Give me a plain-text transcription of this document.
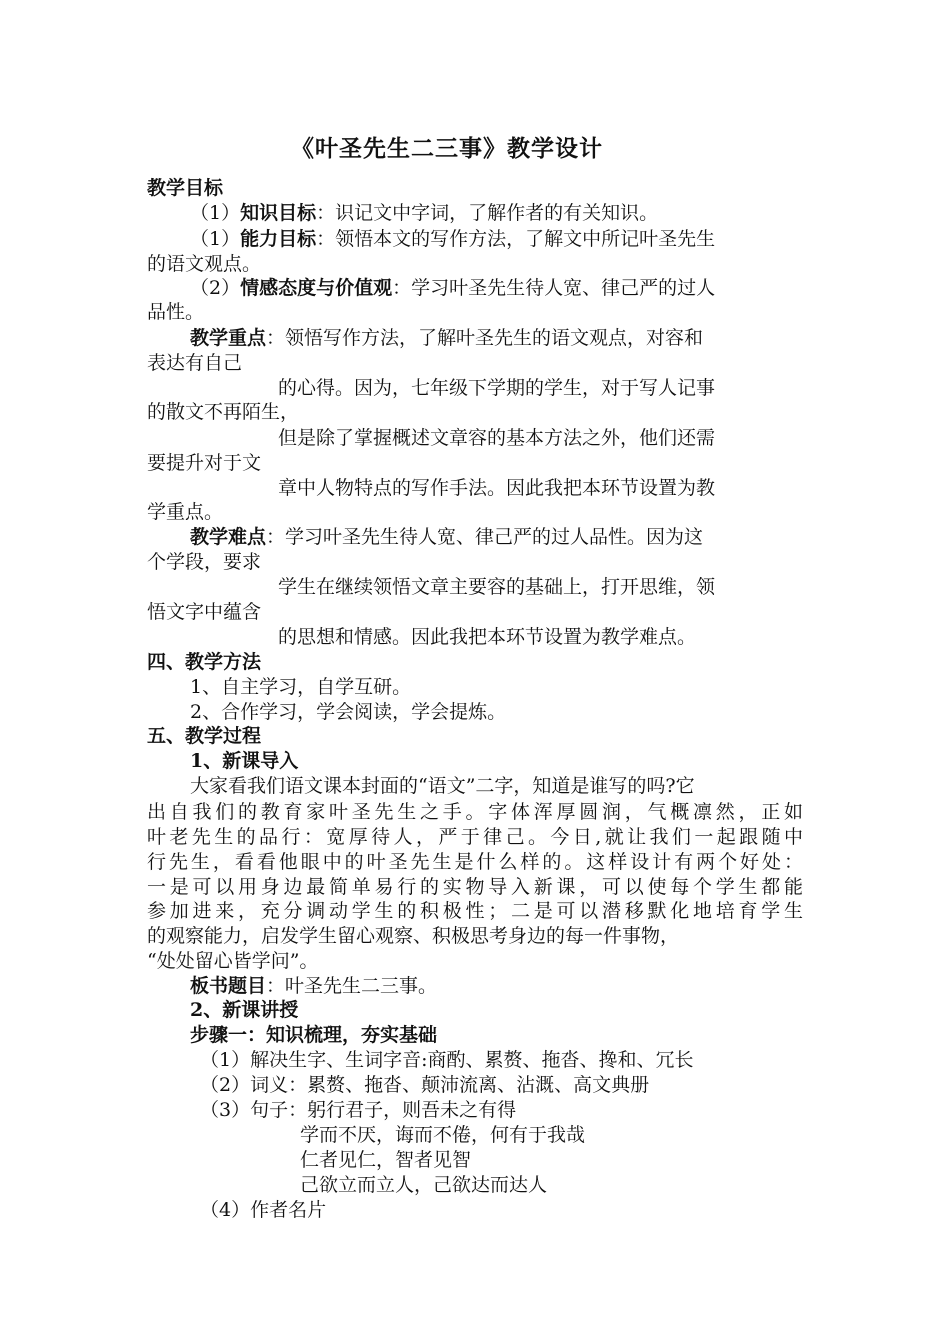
《叶圣先生二三事》教学设计
教学目标
（1）知识目标：识记文中字词，了解作者的有关知识。
（1）能力目标：领悟本文的写作方法，了解文中所记叶圣先生
的语文观点。
（2）情感态度与价值观：学习叶圣先生待人宽、律己严的过人
品性。
教学重点：领悟写作方法，了解叶圣先生的语文观点，对容和
表达有自己
的心得。因为，七年级下学期的学生，对于写人记事
的散文不再陌生，
但是除了掌握概述文章容的基本方法之外，他们还需
要提升对于文
章中人物特点的写作手法。因此我把本环节设置为教
学重点。
教学难点：学习叶圣先生待人宽、律己严的过人品性。因为这
个学段，要求
学生在继续领悟文章主要容的基础上，打开思维，领
悟文字中蕴含
的思想和情感。因此我把本环节设置为教学难点。
四、教学方法
1、自主学习，自学互研。
2、合作学习，学会阅读，学会提炼。
五、教学过程
1、新课导入
大家看我们语文课本封面的“语文”二字，知道是谁写的吗?它
出自我们的教育家叶圣先生之手。字体浑厚圆润，气概凛然，正如
叶老先生的品行：宽厚待人，严于律己。今日,就让我们一起跟随中
行先生，看看他眼中的叶圣先生是什么样的。这样设计有两个好处：
一是可以用身边最简单易行的实物导入新课，可以使每个学生都能
参加进来，充分调动学生的积极性；二是可以潜移默化地培育学生
的观察能力，启发学生留心观察、积极思考身边的每一件事物，
“处处留心皆学问”。
板书题目：叶圣先生二三事。
2、新课讲授
步骤一：知识梳理，夯实基础
（1）解决生字、生词字音:商酌、累赘、拖沓、搀和、冗长
（2）词义：累赘、拖沓、颠沛流离、沾溉、高文典册
（3）句子：躬行君子，则吾未之有得
学而不厌，诲而不倦，何有于我哉
仁者见仁，智者见智
己欲立而立人，己欲达而达人
（4）作者名片
